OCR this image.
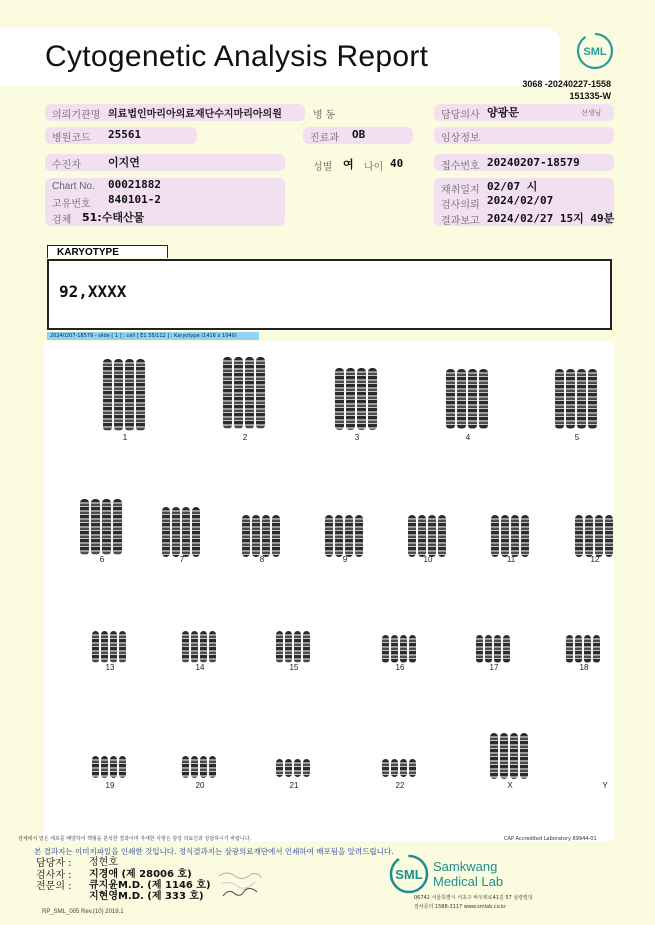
Cytogenetic Analysis Report	SML
3068 -20240227-1558
151335-W
의뢰기관명 의료법인마리아의료재단수지마리아의원	병 동	담당의사 양광문	선생님
병원코드 25561	진료과 OB	임상정보
수진자 이지연	성별 여 나이 40	접수번호 20240207-18579
Chart No. 00021882
고유번호 840101-2
검체 51:수태산물
채취일지 02/07 시
검사의뢰 2024/02/07
결과보고 2024/02/27 15지 49분
KARYOTYPE
92,XXXX
20240207-18579 - slide [ 1 ] : cell [ E1 35/112 ] : Karyotype (1416 x 1040)
1	2	3	4	5
6	7	8	9	10	11	12
13	14	15	16	17	18
19	20	21	22	X	Y
검체에서 얻은 세포를 배양하여 핵형을 분석한 결과이며 자세한 사항은 담당 의료진과 상담하시기 바랍니다.	CAP Accredited Laboratory 89944-01
본 결과지는 이미지파일을 인쇄한 것입니다. 정식결과지는 삼광의료재단에서 인쇄하여 배포됨을 알려드립니다.
담당자 : 정현호
검사자 : 지경애 (제 28006 호)
전문의 : 큐지윤M.D. (제 1146 호)
지현영M.D. (제 333 호)
SML
Samkwang
Medical Lab
06742 서울특별시 서초구 바우뫼로41길 57 삼광빌딩
검사문의 1588-3117 www.smlab.co.kr
RP_SML_005 Rev.(10) 2019.1
